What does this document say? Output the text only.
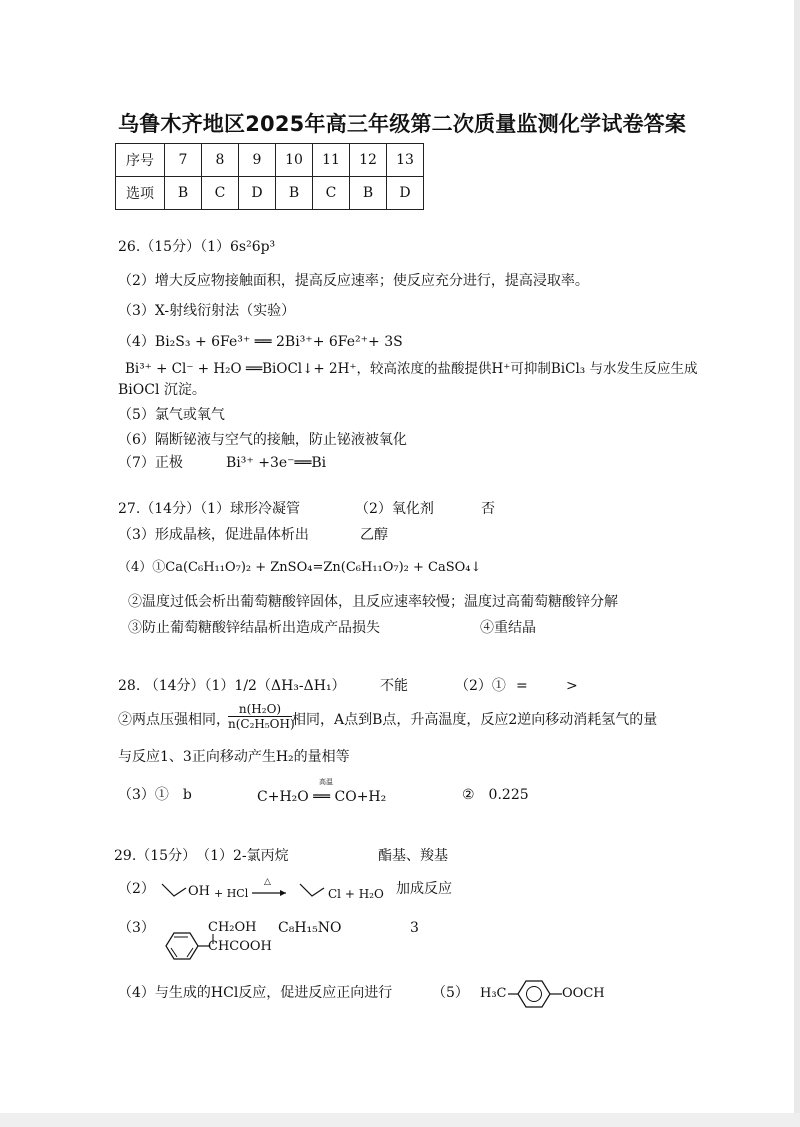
乌鲁木齐地区2025年高三年级第二次质量监测化学试卷答案
序号	7	8	9	10	11	12	13
选项	B	C	D	B	C	B	D
26.（15分）（1）6s²6p³
（2）增大反应物接触面积，提高反应速率；使反应充分进行，提高浸取率。
（3）X-射线衍射法（实验）
（4）Bi₂S₃ + 6Fe³⁺ ══ 2Bi³⁺+ 6Fe²⁺+ 3S
Bi³⁺ + Cl⁻ + H₂O ══BiOCl↓+ 2H⁺，较高浓度的盐酸提供H⁺可抑制BiCl₃ 与水发生反应生成
BiOCl 沉淀。
（5）氯气或氧气
（6）隔断铋液与空气的接触，防止铋液被氧化
（7）正极	Bi³⁺ +3e⁻══Bi
27.（14分）（1）球形冷凝管	（2）氧化剂	否
（3）形成晶核，促进晶体析出	乙醇
（4）①Ca(C₆H₁₁O₇)₂ + ZnSO₄=Zn(C₆H₁₁O₇)₂ + CaSO₄↓
②温度过低会析出葡萄糖酸锌固体，且反应速率较慢；温度过高葡萄糖酸锌分解
③防止葡萄糖酸锌结晶析出造成产品损失	④重结晶
28. （14分）（1）1/2（ΔH₃-ΔH₁） 不能	（2）① =	>
②两点压强相同，
$\frac{\text{n(H₂O)}}{\text{n(C₂H₅OH)}}$ 相同，A点到B点，升高温度，反应2逆向移动消耗氢气的量
与反应1、3正向移动产生H₂的量相等
（3）①　b	C+H₂O ══ CO+H₂
高温
②　0.225
29.（15分）　（1）2-氯丙烷	酯基、羧基
（2）	OH + HCl →
△
Cl + H₂O 加成反应
（3）	CH₂OH
CHCOOH
C₈H₁₅NO	3
（4）与生成的HCl反应，促进反应正向进行	（5） H₃C	OOCH
